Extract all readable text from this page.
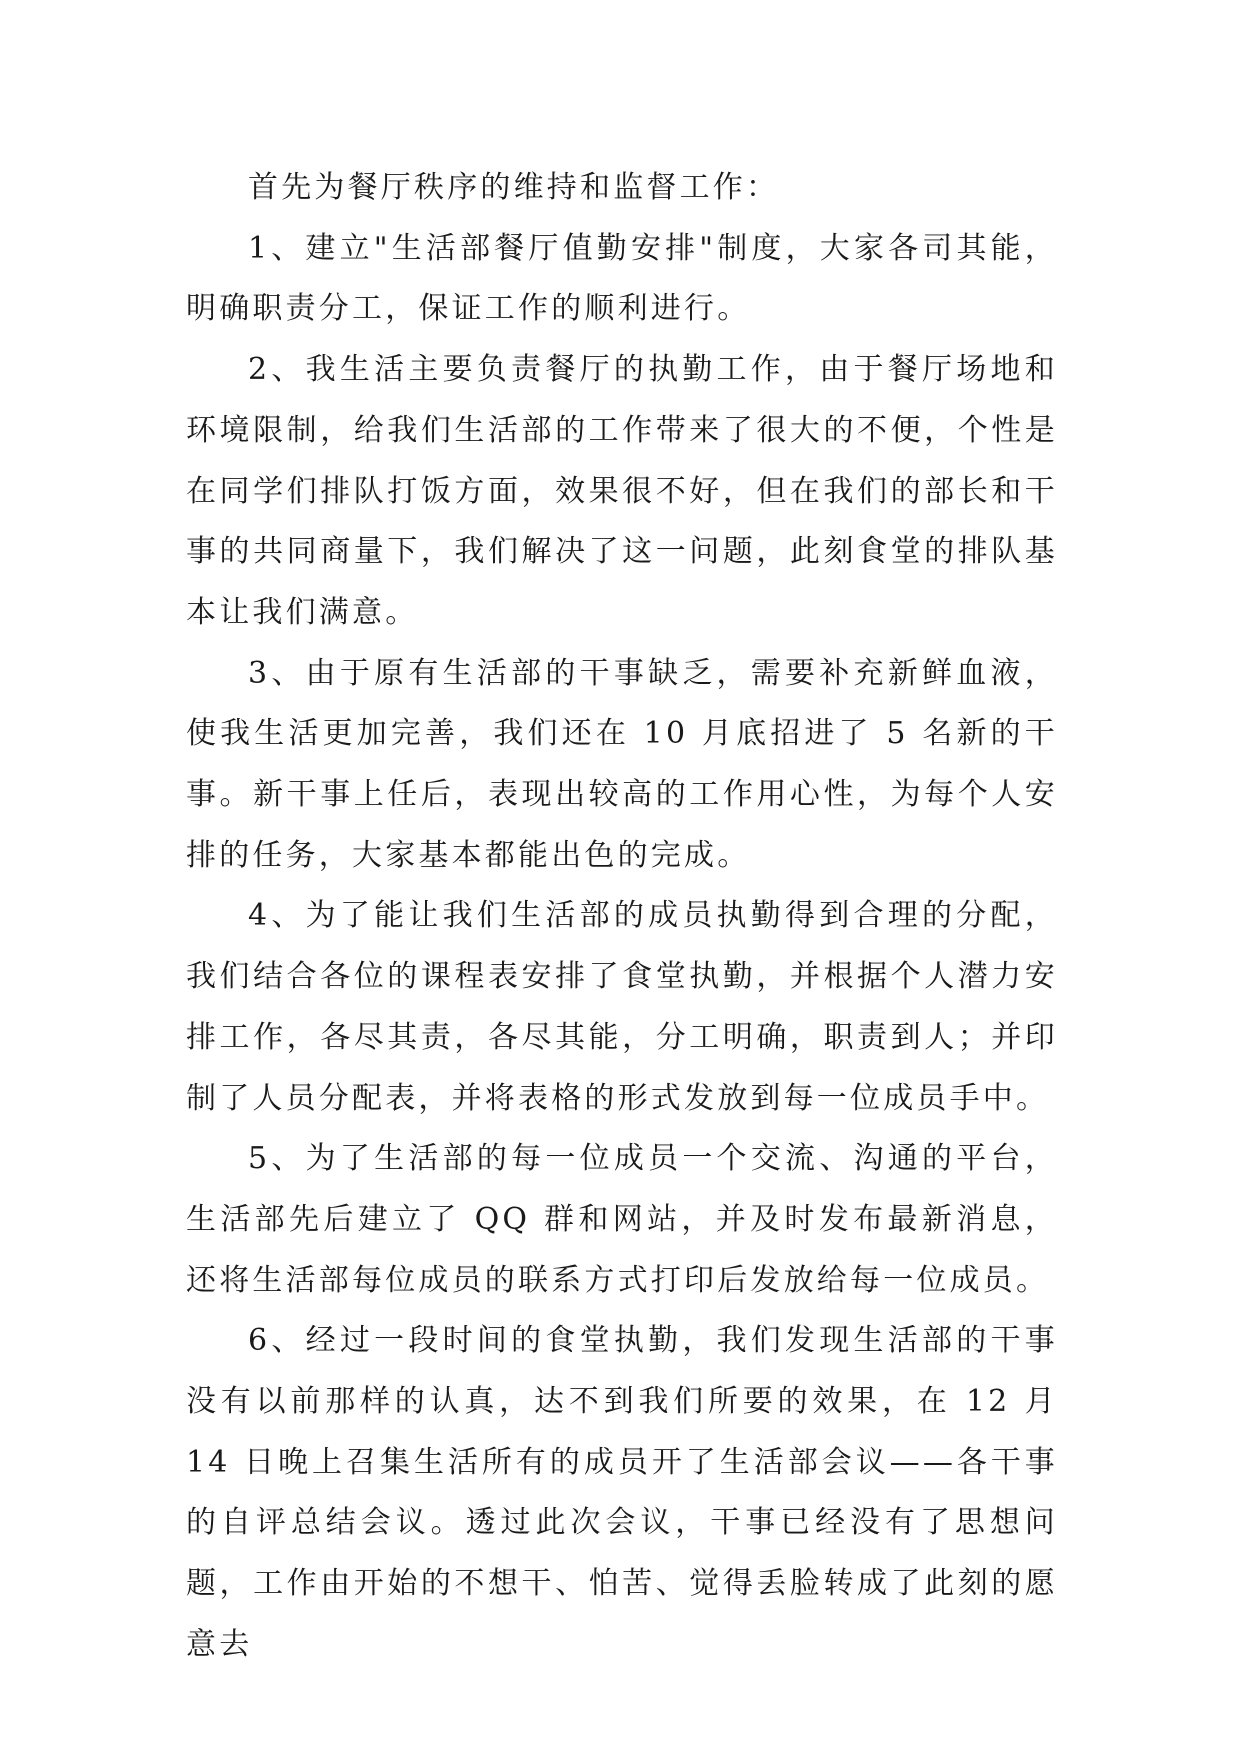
首先为餐厅秩序的维持和监督工作：

1、建立"生活部餐厅值勤安排"制度，大家各司其能，明确职责分工，保证工作的顺利进行。

2、我生活主要负责餐厅的执勤工作，由于餐厅场地和环境限制，给我们生活部的工作带来了很大的不便，个性是在同学们排队打饭方面，效果很不好，但在我们的部长和干事的共同商量下，我们解决了这一问题，此刻食堂的排队基本让我们满意。

3、由于原有生活部的干事缺乏，需要补充新鲜血液，使我生活更加完善，我们还在 10 月底招进了 5 名新的干事。新干事上任后，表现出较高的工作用心性，为每个人安排的任务，大家基本都能出色的完成。

4、为了能让我们生活部的成员执勤得到合理的分配，我们结合各位的课程表安排了食堂执勤，并根据个人潜力安排工作，各尽其责，各尽其能，分工明确，职责到人；并印制了人员分配表，并将表格的形式发放到每一位成员手中。

5、为了生活部的每一位成员一个交流、沟通的平台，生活部先后建立了 QQ 群和网站，并及时发布最新消息，还将生活部每位成员的联系方式打印后发放给每一位成员。

6、经过一段时间的食堂执勤，我们发现生活部的干事没有以前那样的认真，达不到我们所要的效果，在 12 月 14 日晚上召集生活所有的成员开了生活部会议——各干事的自评总结会议。透过此次会议，干事已经没有了思想问题，工作由开始的不想干、怕苦、觉得丢脸转成了此刻的愿意去
